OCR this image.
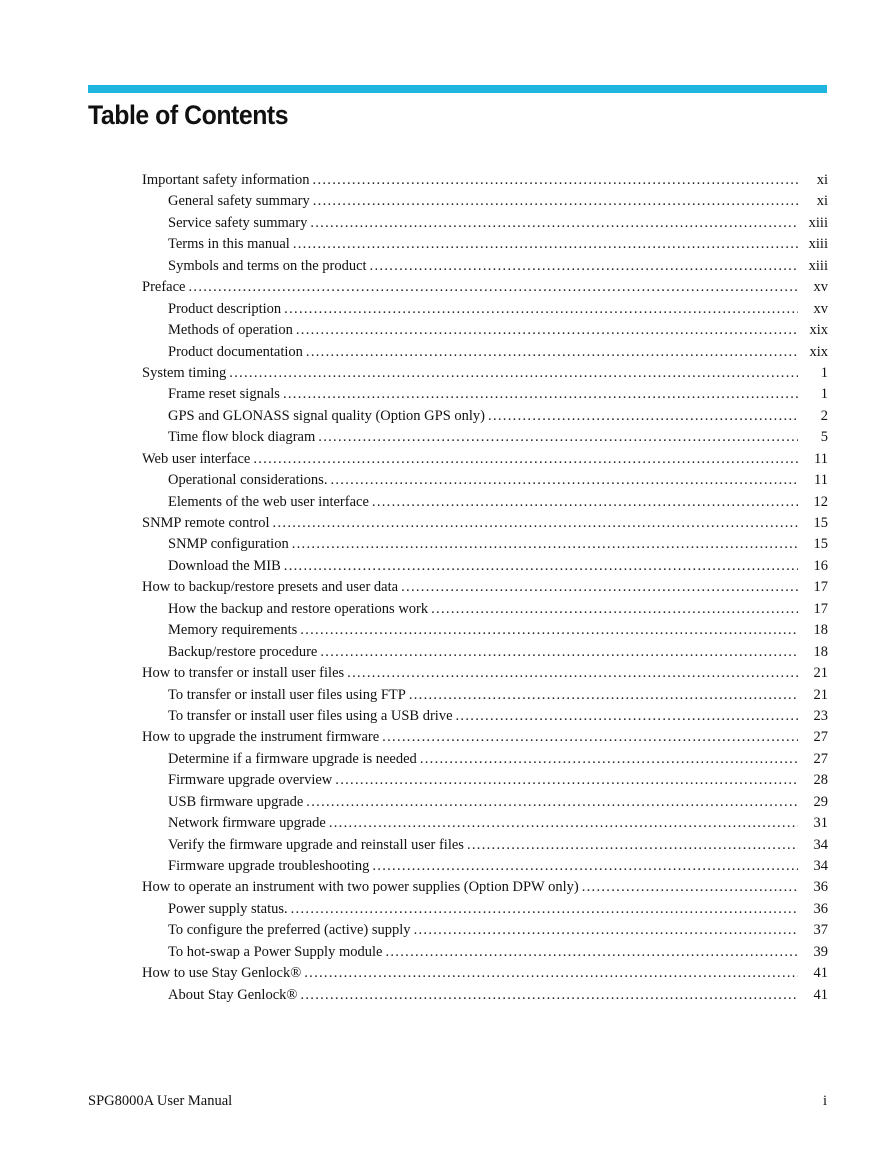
Table of Contents
Important safety information .....	xi
General safety summary .....	xi
Service safety summary .....	xiii
Terms in this manual .....	xiii
Symbols and terms on the product .....	xiii
Preface .....	xv
Product description .....	xv
Methods of operation .....	xix
Product documentation .....	xix
System timing .....	1
Frame reset signals .....	1
GPS and GLONASS signal quality (Option GPS only) .....	2
Time flow block diagram .....	5
Web user interface .....	11
Operational considerations. .....	11
Elements of the web user interface .....	12
SNMP remote control .....	15
SNMP configuration .....	15
Download the MIB .....	16
How to backup/restore presets and user data .....	17
How the backup and restore operations work .....	17
Memory requirements .....	18
Backup/restore procedure .....	18
How to transfer or install user files .....	21
To transfer or install user files using FTP .....	21
To transfer or install user files using a USB drive .....	23
How to upgrade the instrument firmware .....	27
Determine if a firmware upgrade is needed .....	27
Firmware upgrade overview .....	28
USB firmware upgrade .....	29
Network firmware upgrade .....	31
Verify the firmware upgrade and reinstall user files .....	34
Firmware upgrade troubleshooting .....	34
How to operate an instrument with two power supplies (Option DPW only) .....	36
Power supply status. .....	36
To configure the preferred (active) supply .....	37
To hot-swap a Power Supply module .....	39
How to use Stay Genlock® .....	41
About Stay Genlock® .....	41
SPG8000A User Manual	i
